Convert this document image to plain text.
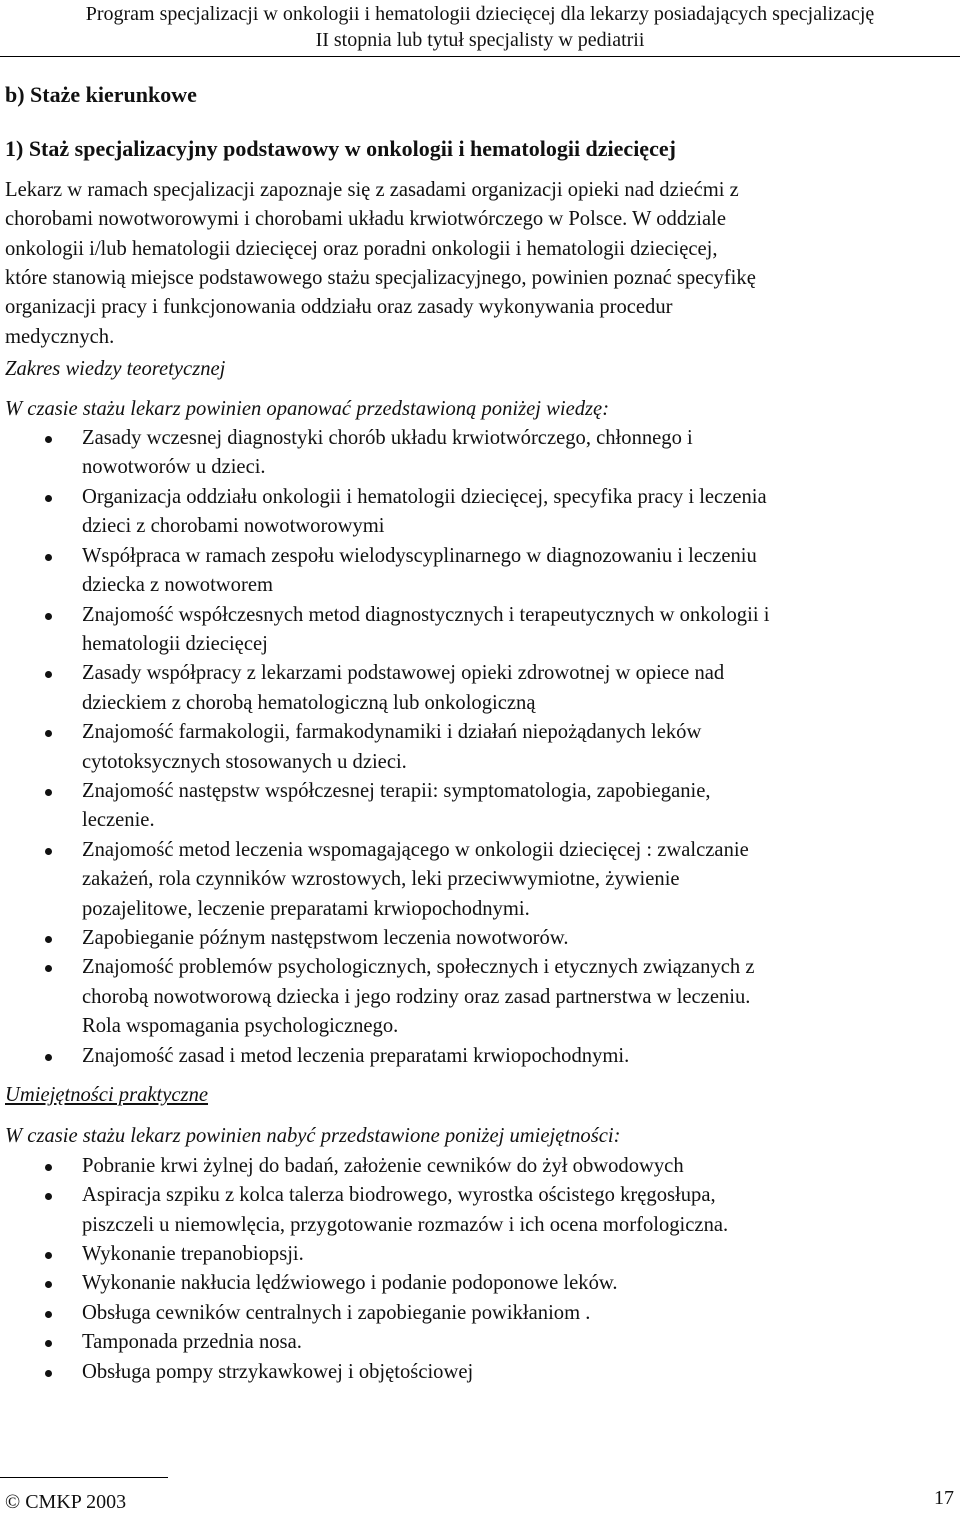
Program specjalizacji w onkologii i hematologii dziecięcej dla lekarzy posiadających specjalizację
II stopnia lub tytuł specjalisty w pediatrii
b) Staże kierunkowe
1) Staż specjalizacyjny podstawowy w onkologii i hematologii dziecięcej
Lekarz w ramach specjalizacji zapoznaje się z zasadami organizacji opieki nad dziećmi z
chorobami nowotworowymi i chorobami układu krwiotwórczego w Polsce. W oddziale
onkologii i/lub hematologii dziecięcej oraz poradni onkologii i hematologii dziecięcej,
które stanowią miejsce podstawowego stażu specjalizacyjnego, powinien poznać specyfikę
organizacji pracy i funkcjonowania oddziału oraz zasady wykonywania procedur
medycznych.
Zakres wiedzy teoretycznej
W czasie stażu lekarz powinien opanować przedstawioną poniżej wiedzę:
Zasady wczesnej diagnostyki chorób układu krwiotwórczego, chłonnego i
nowotworów u dzieci.
Organizacja oddziału onkologii i hematologii dziecięcej, specyfika pracy i leczenia
dzieci z chorobami nowotworowymi
Współpraca w ramach zespołu wielodyscyplinarnego w diagnozowaniu i leczeniu
dziecka z nowotworem
Znajomość współczesnych metod diagnostycznych i terapeutycznych w onkologii i
hematologii dziecięcej
Zasady współpracy z lekarzami podstawowej opieki zdrowotnej w opiece nad
dzieckiem z chorobą hematologiczną lub onkologiczną
Znajomość farmakologii, farmakodynamiki i działań niepożądanych leków
cytotoksycznych stosowanych u dzieci.
Znajomość następstw współczesnej terapii: symptomatologia, zapobieganie,
leczenie.
Znajomość metod leczenia wspomagającego w onkologii dziecięcej : zwalczanie
zakażeń, rola czynników wzrostowych, leki przeciwwymiotne, żywienie
pozajelitowe, leczenie preparatami krwiopochodnymi.
Zapobieganie późnym następstwom leczenia nowotworów.
Znajomość problemów psychologicznych, społecznych i etycznych związanych z
chorobą nowotworową dziecka i jego rodziny oraz zasad partnerstwa w leczeniu.
Rola wspomagania psychologicznego.
Znajomość zasad i metod leczenia preparatami krwiopochodnymi.
Umiejętności praktyczne
W czasie stażu lekarz powinien nabyć przedstawione poniżej umiejętności:
Pobranie krwi żylnej do badań, założenie cewników do żył obwodowych
Aspiracja szpiku z kolca talerza biodrowego, wyrostka ościstego kręgosłupa,
piszczeli u niemowlęcia, przygotowanie rozmazów i ich ocena morfologiczna.
Wykonanie trepanobiopsji.
Wykonanie nakłucia lędźwiowego i podanie podoponowe leków.
Obsługa cewników centralnych i zapobieganie powikłaniom .
Tamponada przednia nosa.
Obsługa pompy strzykawkowej i objętościowej
© CMKP 2003	17
